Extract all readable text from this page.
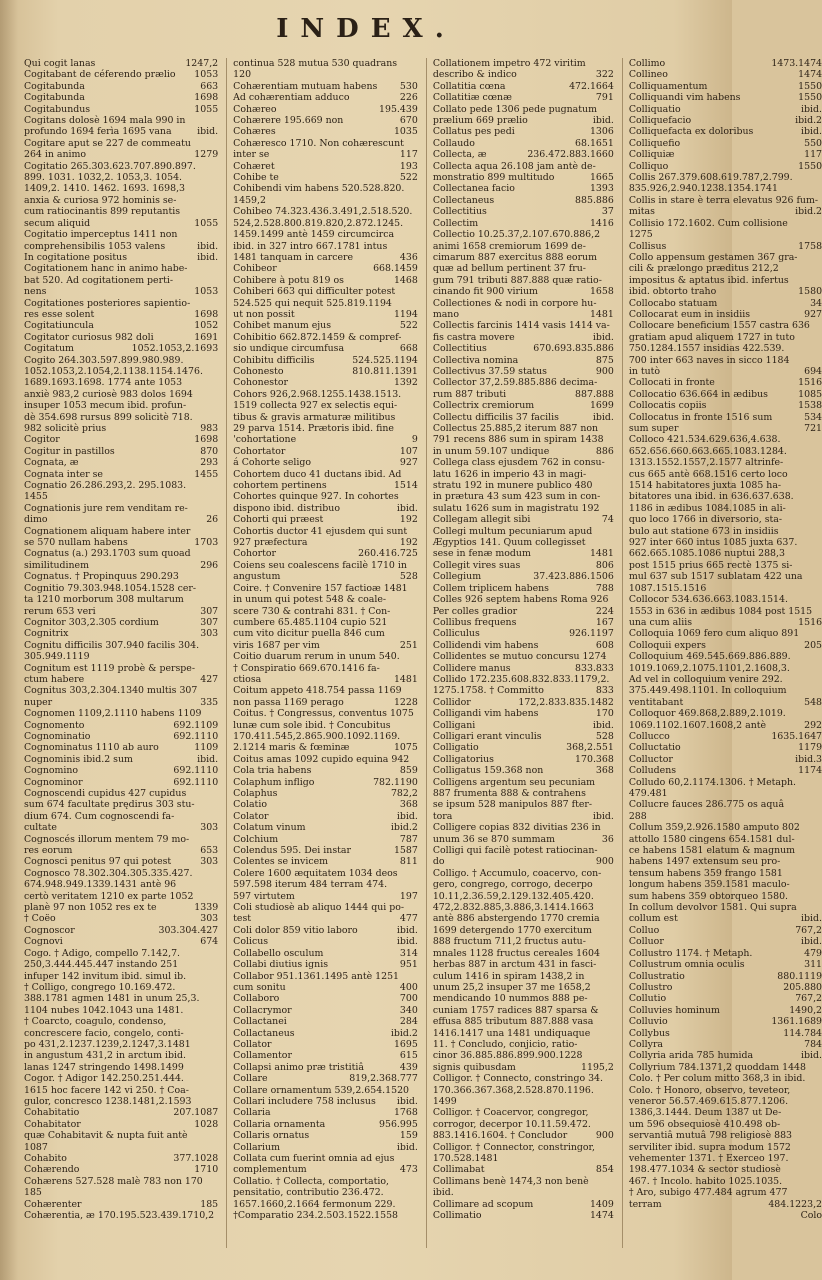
INDEX.
Qui cogit lanas	1247,2
Cogitabant de céferendo prælio 1053
Cogitabunda	663
Cogitabunda	1698
Cogitabundus	1055
Cogitans dolosè 1694 mala 990 in
profundo 1694 ferìa 1695 vana	ibid.
Cogitare aput se 227 de commeatu
264 in animo	1279
Cogitatio 265.303.623.707.890.897.
899. 1031. 1032,2. 1053,3. 1054.
1409,2. 1410. 1462. 1693. 1698,3
anxia & curiosa 972 hominis se-
cum ratiocinantis 899 reputantis
secum aliquid	1055
Cogitatio imperceptus 1411 non
comprehensibilis 1053 valens	ibid.
In cogitatione positus	ibid.
Cogitationem hanc in animo habe-
bat 520. Ad cogitationem perti-
nens	1053
Cogitationes posteriores sapientio-
res esse solent	1698
Cogitatiuncula	1052
Cogitator curiosus 982 doli	1691
Cogitatum	1052.1053,2.1693
Cogito 264.303.597.899.980.989.
1052.1053,2.1054,2.1138.1154.1476.
1689.1693.1698. 1774 ante 1053
anxiè 983,2 curiosè 983 dolos 1694
insuper 1053 mecum ibid. profun-
dè 354.698 rursus 899 solicitè 718.
982 solicitè prius	983
Cogitor	1698
Cogitur in pastillos	870
Cognata, æ	293
Cognata inter se	1455
Cognatio 26.286.293,2. 295.1083.
1455
Cognationis jure rem venditam re-
dimo	26
Cognationem aliquam habere inter
se 570 nullam habens	1703
Cognatus (a.) 293.1703 sum quoad
similitudinem	296
Cognatus. † Propinquus 290.293
Cognitio 79.303.948.1054.1528 cer-
ta 1210 morborum 308 multarum
rerum 653 veri	307
Cognitor 303,2.305 cordium	307
Cognitrix	303
Cognitu difficilis 307.940 facilis 304.
305.949.1119
Cognitum est 1119 probè & perspe-
ctum habere	427
Cognitus 303,2.304.1340 multis 307
nuper	335
Cognomen 1109,2.1110 habens 1109
Cognomento	692.1109
Cognominatio	692.1110
Cognominatus 1110 ab auro	1109
Cognominis ibid.2 sum	ibid.
Cognomino	692.1110
Cognominor	692.1110
Cognoscendi cupidus 427 cupidus
sum 674 facultate prędirus 303 stu-
dium 674. Cum cognoscendi fa-
cultate	303
Cognoscés illorum mentem 79 mo-
res eorum	653
Cognosci penitus 97 qui potest	303
Cognosco 78.302.304.305.335.427.
674.948.949.1339.1431 antè 96
certò veritatem 1210 ex parte 1052
planè 97 non 1052 res ex te	1339
† Coëo	303
Cognoscor	303.304.427
Cognovi	674
Cogo. † Adigo, compello 7.142,7.
250,3.444.445.447 instando 251
infuper 142 invitum ibid. simul ib.
† Colligo, congrego 10.169.472.
388.1781 agmen 1481 in unum 25,3.
1104 nubes 1042.1043 una 1481.
† Coarcto, coagulo, condenso,
concrescere facio, congelo, conti-
po 431,2.1237.1239,2.1247,3.1481
in angustum 431,2 in arctum ibid.
lanas 1247 stringendo 1498.1499
Cogor. † Adigor 142.250.251.444.
1615 hoc facere 142 vi 250. † Coa-
gulor, concresco 1238.1481,2.1593
Cohabitatio	207.1087
Cohabitator	1028
quæ Cohabitavit & nupta fuit antè
1087
Cohabito	377.1028
Cohærendo	1710
Cohærens 527.528 malè 783 non 170
185
Cohærenter	185
Cohærentia, æ 170.195.523.439.1710,2
continua 528 mutua 530 quadrans
120
Cohærentiam mutuam habens 530
Ad cohærentiam adduco	226
Cohæreo	195.439
Cohærere 195.669 non	670
Cohæres	1035
Cohæresco 1710. Non cohærescunt
inter se	117
Cohæret	193
Cohibe te	522
Cohibendi vim habens 520.528.820.
1459,2
Cohibeo 74.323.436.3.491,2.518.520.
524,2.528.800.819.820,2.872.1245.
1459.1499 antè 1459 circumcirca
ibid. in 327 intro 667.1781 intus
1481 tanquam in carcere	436
Cohibeor	668.1459
Cohibere à potu 819 os	1468
Cohiberi 663 qui difficulter potest
524.525 qui nequit 525.819.1194
ut non possit	1194
Cohibet manum ejus	522
Cohibitio 662.872.1459 & compref-
sio undique circumfusa	668
Cohibitu difficilis	524.525.1194
Cohonesto	810.811.1391
Cohonestor	1392
Cohors 926,2.968.1255.1438.1513.
1519 collecta 927 ex selectis equi-
tibus & gravis armaturæ militibus
29 parva 1514. Prætoris ibid. fine
'cohortatione	9
Cohortator	107
á Cohorte seligo	927
Cohortem duco 41 ductans ibid. Ad
cohortem pertinens	1514
Cohortes quinque 927. In cohortes
dispono ibid. distribuo	ibid.
Cohorti qui præest	192
Cohortis ductor 41 ejusdem qui sunt
927 præfectura	192
Cohortor	260.416.725
Coiens seu coalescens facilè 1710 in
angustum	528
Coire. † Convenire 157 factioæ 1481
in unum qui potest 548 & coale-
scere 730 & contrahi 831. † Con-
cumbere 65.485.1104 cupio 521
cum vito dicitur puella 846 cum
viris 1687 per vim	251
Coitio duarum rerum in unum 540.
† Conspiratio 669.670.1416 fa-
ctiosa	1481
Coitum appeto 418.754 passa 1169
non passa 1169 perago	1228
Coitus. † Congressus, conventus 1075
lunæ cum sole ibid. † Concubitus
170.411.545,2.865.900.1092.1169.
2.1214 maris & fœminæ	1075
Coitus amas 1092 cupido equina 942
Cola tria habens	859
Colaphum infligo	782.1190
Colaphus	782,2
Colatio	368
Colator	ibid.
Colatum vinum	ibid.2
Colchium	787
Colendus 595. Dei instar	1587
Colentes se invicem	811
Colere 1600 æquitatem 1034 deos
597.598 iterum 484 terram 474.
597 virtutem	197
Coli studiosè ab aliquo 1444 qui po-
test	477
Coli dolor 859 vitio laboro	ibid.
Colicus	ibid.
Collabello osculum	314
Collabi diutius ignis	951
Collabor 951.1361.1495 antè 1251
cum sonitu	400
Collaboro	700
Collacrymor	340
Collactanei	284
Collactaneus	ibid.2
Collator	1695
Collamentor	615
Collapsi animo præ tristitiâ	439
Collare	819,2.368.777
Collare ornamentum 539,2.654.1520
Collari includere 758 inclusus ibid.
Collaria	1768
Collaria ornamenta	956.995
Collaris ornatus	159
Collarium	ibid.
Collata cum fuerint omnia ad ejus
complementum	473
Collatio. † Collecta, comportatio,
pensitatio, contributio 236.472.
1657.1660,2.1664 fermonum 229.
†Comparatio 234.2.503.1522.1558
Collationem impetro 472 viritim
describo & indico	322
Collatitia cœna	472.1664
Collatitiæ cœnæ	791
Collato pede 1306 pede pugnatum
prælium 669 prælio	ibid.
Collatus pes pedi	1306
Collaudo	68.1651
Collecta, æ	236.472.883.1660
Collecta aqua 26.108 jam antè de-
monstratio 899 multitudo	1665
Collectanea facio	1393
Collectaneus	885.886
Collectitius	37
Collectim	1416
Collectio 10.25.37,2.107.670.886,2
animi 1658 cremiorum 1699 de-
cimarum 887 exercitus 888 eorum
quæ ad bellum pertinent 37 fru-
gum 791 tributi 887.888 quæ ratio-
cinando fit 900 virium	1658
Collectiones & nodi in corpore hu-
mano	1481
Collectis farcinis 1414 vasis 1414 va-
fis castra movere	ibid.
Collectitius	670.693.835.886
Collectiva nomina	875
Collectivus 37.59 status	900
Collector 37,2.59.885.886 decima-
rum 887 tributi	887.888
Collectrix cremiorum	1699
Collectu difficilis 37 facilis	ibid.
Collectus 25.885,2 iterum 887 non
791 recens 886 sum in spiram 1438
in unum 59.107 undique	886
Collega class ejusdem 762 in consu-
latu 1626 in imperio 43 in magi-
stratu 192 in munere publico 480
in prætura 43 sum 423 sum in con-
sulatu 1626 sum in magistratu 192
Collegam allegit sibi	74
Collegi multum pecuniarum apud
Ægyptios 141. Quum collegisset
sese in fenæ modum	1481
Collegit vires suas	806
Collegium	37.423.886.1506
Collem triplicem habens	788
Colles 926 septem habens Roma 926
Per colles gradior	224
Collibus frequens	167
Colliculus	926.1197
Collidendi vim habens	608
Collidentes se mutuo concursu 1274
Collidere manus	833.833
Collido 172.235.608.832.833.1179,2.
1275.1758. † Committo	833
Collidor	172,2.833.835.1482
Colligandi vim habens	170
Colligani	ibid.
Colligari erant vinculis	528
Colligatio	368,2.551
Colligatorius	170.368
Colligatus 159.368 non	368
Colligens argentum seu pecuniam
887 frumenta 888 & contrahens
se ipsum 528 manipulos 887 fter-
tora	ibid.
Colligere copias 832 divitias 236 in
unum 36 se 870 summam	36
Colligi qui facilè potest ratiocinan-
do	900
Colligo. † Accumulo, coacervo, con-
gero, congrego, corrogo, decerpo
10.11,2.36.59,2.129.132.405.420.
472,2.832.885,3.886,3.1414.1663
antè 886 abstergendo 1770 cremia
1699 detergendo 1770 exercitum
888 fructum 711,2 fructus autu-
mnales 1128 fructus cereales 1604
herbas 887 in arctum 431 in fasci-
culum 1416 in spiram 1438,2 in
unum 25,2 insuper 37 me 1658,2
mendicando 10 nummos 888 pe-
cuniam 1757 radices 887 sparsa &
effusa 885 tributum 887.888 vasa
1416.1417 una 1481 undiquaque
11. † Concludo, conjicio, ratio-
cinor 36.885.886.899.900.1228
signis quibusdam	1195,2
Colligor. † Connecto, constringo 34.
170.366.367.368,2.528.870.1196.
1499
Colligor. † Coacervor, congregor,
corrogor, decerpor 10.11.59.472.
883.1416.1604. † Concludor	900
Colligor. † Connector, constringor,
170.528.1481
Collimabat	854
Collimans benè 1474,3 non benè
ibid.
Collimare ad scopum	1409
Collimatio	1474
Collimo	1473.1474
Collineo	1474
Colliquamentum	1550
Colliquandi vim habens	1550
Colliquatio	ibid.
Colliquefacio	ibid.2
Colliquefacta ex doloribus	ibid.
Colliquefio	550
Colliquiæ	117
Colliquo	1550
Collis 267.379.608.619.787,2.799.
835.926,2.940.1238.1354.1741
Collis in stare è terra elevatus 926 fum-
mitas	ibid.2
Collisio 172.1602. Cum collisione
1275
Collisus	1758
Collo appensum gestamen 367 gra-
cili & prælongo præditus 212,2
impositus & aptatus ibid. infertus
ibid. obtorto traho	1580
Collocabo statuam	34
Collocarat eum in insidiis	927
Collocare beneficium 1557 castra 636
gratiam apud aliquem 1727 in tuto
750.1284.1557 insidias 422.539.
700 inter 663 naves in sicco 1184
in tutò	694
Collocati in fronte	1516
Collocatio 636.664 in ædibus	1085
Collocatis copiis	1538
Collocatus in fronte 1516 sum	534
sum super	721
Colloco 421.534.629.636,4.638.
652.656.660.663.665.1083.1284.
1313.1552.1557,2.1577 altrinfe-
cus 665 antè 668.1516 certo loco
1514 habitatores juxta 1085 ha-
bitatores una ibid. in 636.637.638.
1186 in ædibus 1084.1085 in ali-
quo loco 1766 in diversorio, sta-
bulo aut statione 673 in insidiis
927 inter 660 intus 1085 juxta 637.
662.665.1085.1086 nuptui 288,3
post 1515 prius 665 rectè 1375 si-
mul 637 sub 1517 sublatam 422 una
1087.1515.1516
Collocor 534.636.663.1083.1514.
1553 in 636 in ædibus 1084 post 1515
una cum aliis	1516
Colloquia 1069 fero cum aliquo 891
Colloquii expers	205
Colloquium 469.545.669.886.889.
1019.1069,2.1075.1101,2.1608,3.
Ad vel in colloquium venire 292.
375.449.498.1101. In colloquium
ventitabant	548
Colloquor 469.868,2.889,2.1019.
1069.1102.1607.1608,2 antè	292
Collucco	1635.1647
Colluctatio	1179
Colluctor	ibid.3
Colludens	1174
Colludo 60,2.1174.1306. † Metaph.
479.481
Collucre fauces 286.775 os aquâ
288
Collum 359,2.926.1580 amputo 802
attollo 1580 cingens 654.1581 dul-
ce habens 1581 elatum & magnum
habens 1497 extensum seu pro-
tensum habens 359 frango 1581
longum habens 359.1581 maculo-
sum habens 359 obtorqueo 1580.
In collum devolvor 1581. Qui supra
collum est	ibid.
Colluo	767,2
Colluor	ibid.
Collustro 1174. † Metaph.	479
Collustrum omnia oculis	311
Collustratio	880.1119
Collustro	205.880
Collutio	767,2
Colluvies hominum	1490,2
Colluvio	1361.1689
Collybus	114.784
Collyra	784
Collyria arida 785 humida	ibid.
Collyrium 784.1371,2 quoddam 1448
Colo. † Per colum mitto 368,3 in ibid.
Colo. † Honoro, observo, teveteor,
veneror 56.57.469.615.877.1206.
1386,3.1444. Deum 1387 ut De-
um 596 obsequiosè 410.498 ob-
servantiâ mutuâ 798 religiosè 883
serviliter ibid. supra modum 1572
vehementer 1371. † Exerceo 197.
198.477.1034 & sector studiosè
467. † Incolo. habito 1025.1035.
† Aro, subigo 477.484 agrum 477
terram	484.1223,2
Colo
